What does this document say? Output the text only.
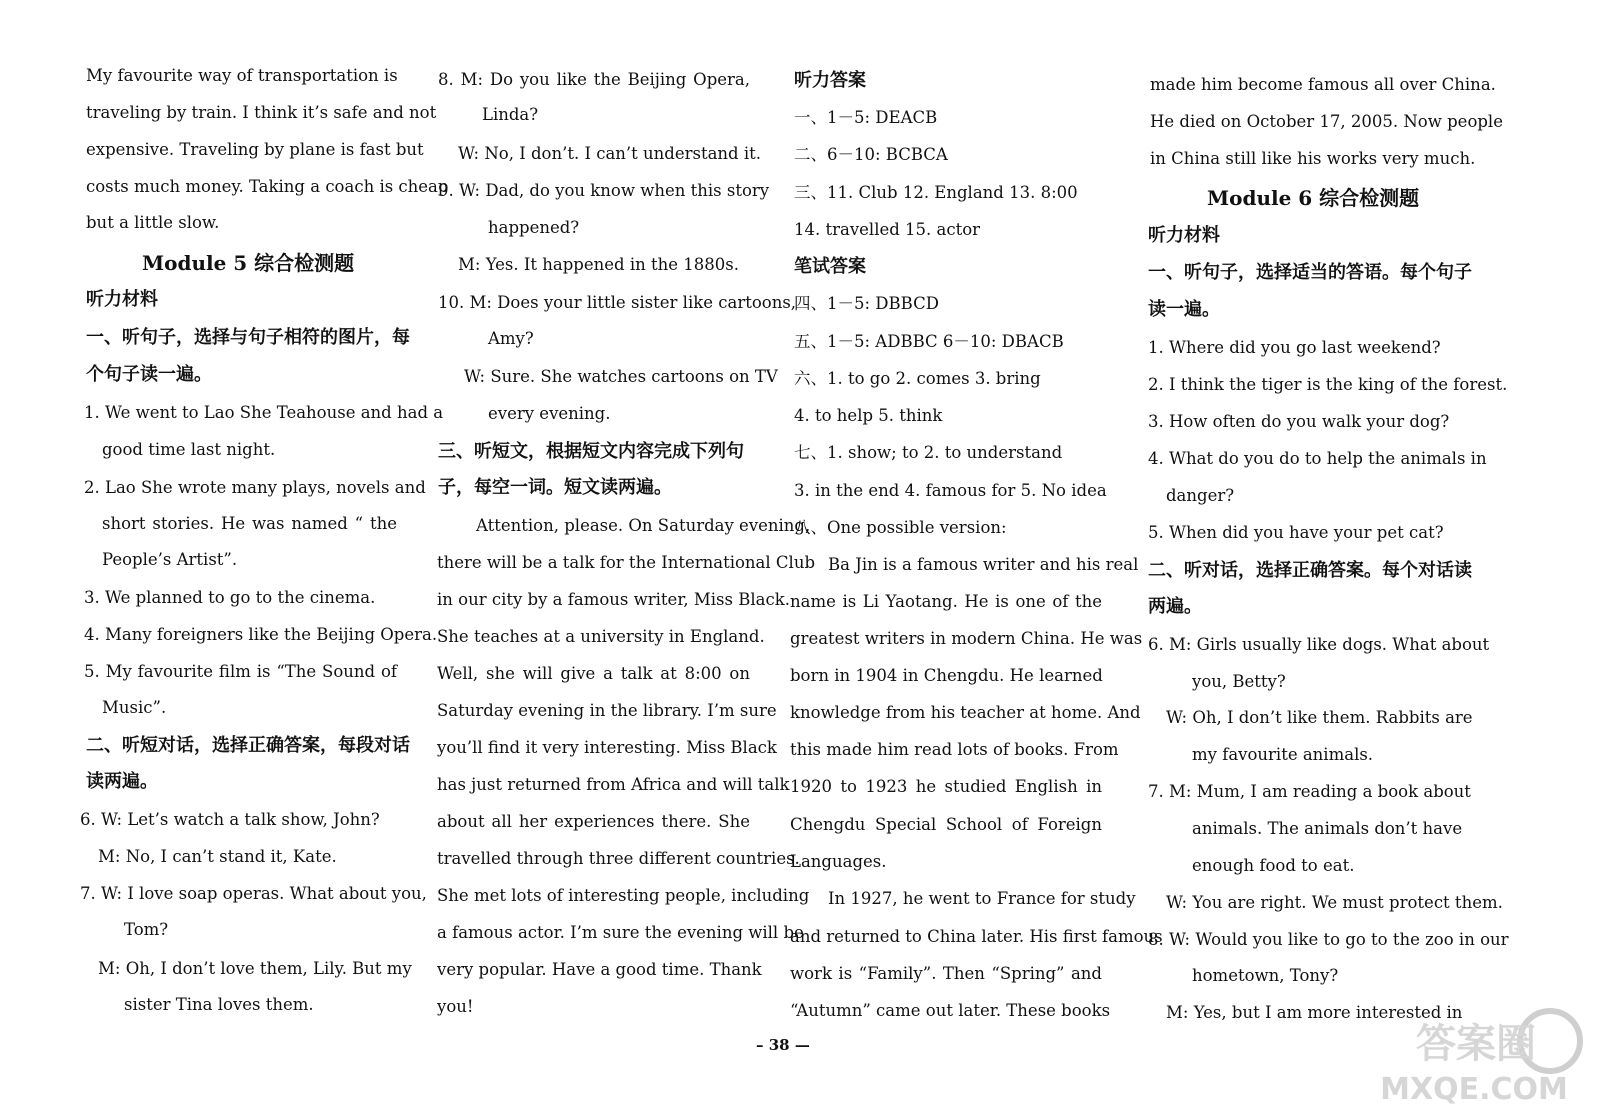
My favourite way of transportation is
traveling by train. I think it’s safe and not
expensive. Traveling by plane is fast but
costs much money. Taking a coach is cheap
but a little slow.
Module 5 综合检测题
听力材料
一、听句子，选择与句子相符的图片，每
个句子读一遍。
1. We went to Lao She Teahouse and had a
good time last night.
2. Lao She wrote many plays, novels and
short stories. He was named “ the
People’s Artist”.
3. We planned to go to the cinema.
4. Many foreigners like the Beijing Opera.
5. My favourite film is “The Sound of
Music”.
二、听短对话，选择正确答案，每段对话
读两遍。
6. W: Let’s watch a talk show, John?
M: No, I can’t stand it, Kate.
7. W: I love soap operas. What about you,
Tom?
M: Oh, I don’t love them, Lily. But my
sister Tina loves them.
8. M: Do you like the Beijing Opera,
Linda?
W: No, I don’t. I can’t understand it.
9. W: Dad, do you know when this story
happened?
M: Yes. It happened in the 1880s.
10. M: Does your little sister like cartoons,
Amy?
W: Sure. She watches cartoons on TV
every evening.
三、听短文，根据短文内容完成下列句
子，每空一词。短文读两遍。
Attention, please. On Saturday evening,
there will be a talk for the International Club
in our city by a famous writer, Miss Black.
She teaches at a university in England.
Well, she will give a talk at 8:00 on
Saturday evening in the library. I’m sure
you’ll find it very interesting. Miss Black
has just returned from Africa and will talk
about all her experiences there. She
travelled through three different countries.
She met lots of interesting people, including
a famous actor. I’m sure the evening will be
very popular. Have a good time. Thank
you!
听力答案
一、1－5: DEACB
二、6－10: BCBCA
三、11. Club 12. England 13. 8:00
14. travelled 15. actor
笔试答案
四、1－5: DBBCD
五、1－5: ADBBC 6－10: DBACB
六、1. to go 2. comes 3. bring
4. to help 5. think
七、1. show; to 2. to understand
3. in the end 4. famous for 5. No idea
八、One possible version:
Ba Jin is a famous writer and his real
name is Li Yaotang. He is one of the
greatest writers in modern China. He was
born in 1904 in Chengdu. He learned
knowledge from his teacher at home. And
this made him read lots of books. From
1920 to 1923 he studied English in
Chengdu Special School of Foreign
Languages.
In 1927, he went to France for study
and returned to China later. His first famous
work is “Family”. Then “Spring” and
“Autumn” came out later. These books
made him become famous all over China.
He died on October 17, 2005. Now people
in China still like his works very much.
Module 6 综合检测题
听力材料
一、听句子，选择适当的答语。每个句子
读一遍。
1. Where did you go last weekend?
2. I think the tiger is the king of the forest.
3. How often do you walk your dog?
4. What do you do to help the animals in
danger?
5. When did you have your pet cat?
二、听对话，选择正确答案。每个对话读
两遍。
6. M: Girls usually like dogs. What about
you, Betty?
W: Oh, I don’t like them. Rabbits are
my favourite animals.
7. M: Mum, I am reading a book about
animals. The animals don’t have
enough food to eat.
W: You are right. We must protect them.
8. W: Would you like to go to the zoo in our
hometown, Tony?
M: Yes, but I am more interested in
– 38 —	答案圈
MXQE.COM
